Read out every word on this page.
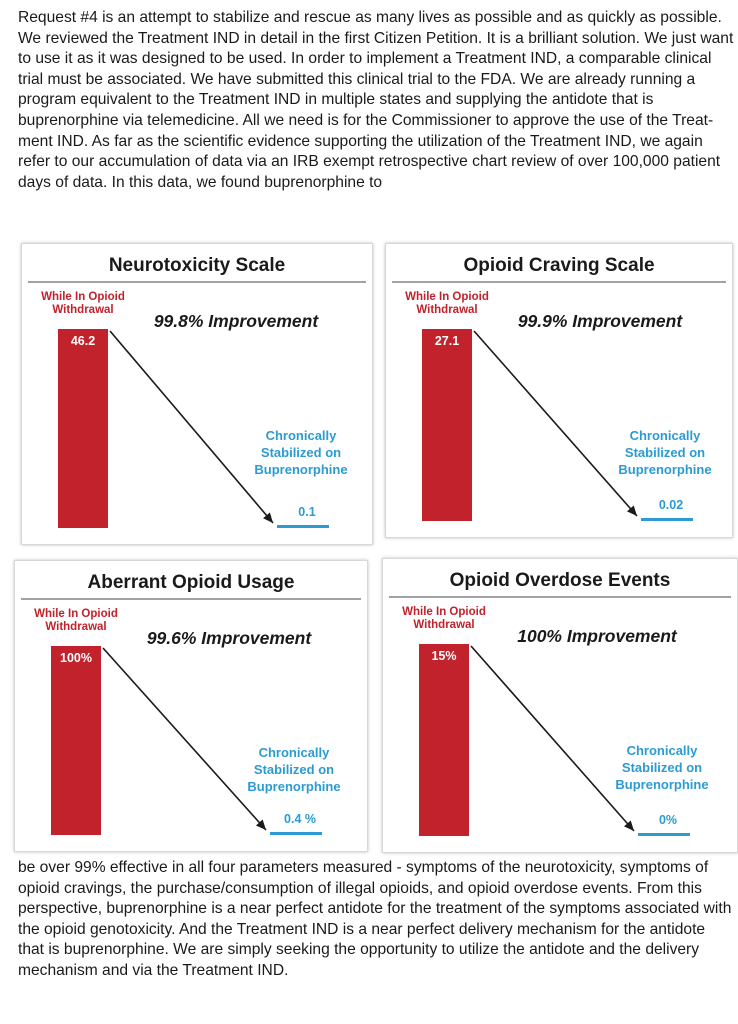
Request #4 is an attempt to stabilize and rescue as many lives as possible and as quickly as possible. We reviewed the Treatment IND in detail in the first Citizen Petition. It is a brilliant solution. We just want to use it as it was designed to be used. In order to implement a Treatment IND, a comparable clinical trial must be associated. We have submitted this clinical trial to the FDA. We are already running a program equivalent to the Treatment IND in multiple states and supplying the antidote that is buprenorphine via telemedicine. All we need is for the Commissioner to approve the use of the Treat-ment IND. As far as the scientific evidence supporting the utilization of the Treatment IND, we again refer to our accumulation of data via an IRB exempt retrospective chart review of over 100,000 patient days of data. In this data, we found buprenorphine to

Neurotoxicity Scale
While In Opioid
Withdrawal
46.2
99.8% Improvement
Chronically
Stabilized on
Buprenorphine
0.1
Opioid Craving Scale
While In Opioid
Withdrawal
27.1
99.9% Improvement
Chronically
Stabilized on
Buprenorphine
0.02
Aberrant Opioid Usage
While In Opioid
Withdrawal
100%
99.6% Improvement
Chronically
Stabilized on
Buprenorphine
0.4 %
Opioid Overdose Events
While In Opioid
Withdrawal
15%
100% Improvement
Chronically
Stabilized on
Buprenorphine
0%

be over 99% effective in all four parameters measured - symptoms of the neurotoxicity, symptoms of opioid cravings, the purchase/consumption of illegal opioids, and opioid overdose events. From this perspective, buprenorphine is a near perfect antidote for the treatment of the symptoms associated with the opioid genotoxicity. And the Treatment IND is a near perfect delivery mechanism for the antidote that is buprenorphine. We are simply seeking the opportunity to utilize the antidote and the delivery mechanism and via the Treatment IND.
